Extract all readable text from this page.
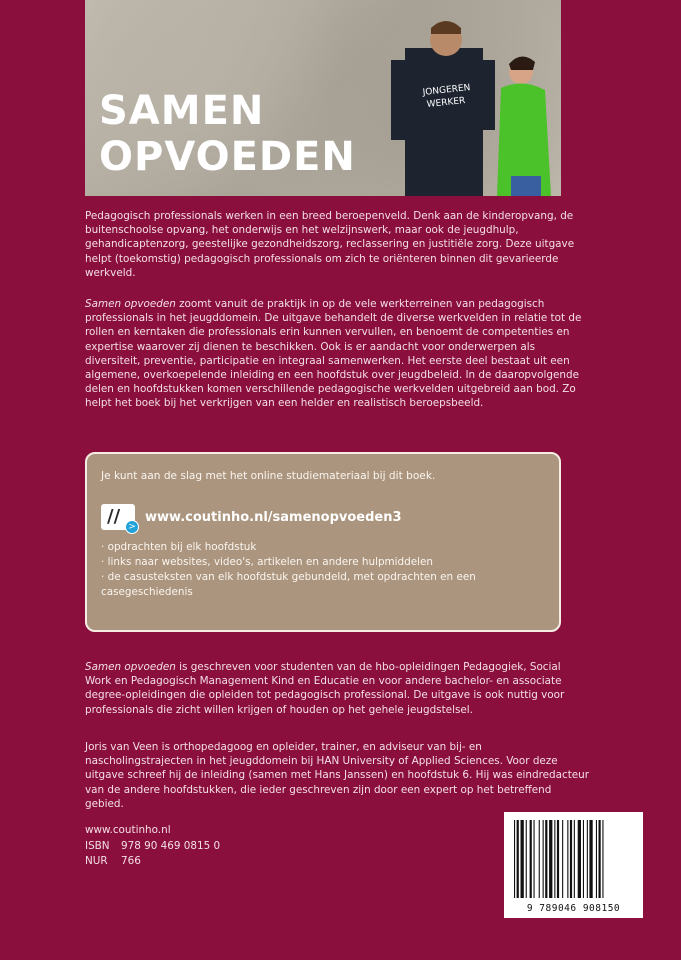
JONGEREN
WERKER
SAMEN
OPVOEDEN
Pedagogisch professionals werken in een breed beroepenveld. Denk aan de kinderopvang, de buitenschoolse opvang, het onderwijs en het welzijnswerk, maar ook de jeugdhulp, gehandicaptenzorg, geestelijke gezondheidszorg, reclassering en justitiële zorg. Deze uitgave helpt (toekomstig) pedagogisch professionals om zich te oriënteren binnen dit gevarieerde werkveld.
Samen opvoeden zoomt vanuit de praktijk in op de vele werkterreinen van pedagogisch professionals in het jeugddomein. De uitgave behandelt de diverse werkvelden in relatie tot de rollen en kerntaken die professionals erin kunnen vervullen, en benoemt de competenties en expertise waarover zij dienen te beschikken. Ook is er aandacht voor onderwerpen als diversiteit, preventie, participatie en integraal samenwerken. Het eerste deel bestaat uit een algemene, overkoepelende inleiding en een hoofdstuk over jeugdbeleid. In de daaropvolgende delen en hoofdstukken komen verschillende pedagogische werkvelden uitgebreid aan bod. Zo helpt het boek bij het verkrijgen van een helder en realistisch beroepsbeeld.

Je kunt aan de slag met het online studiemateriaal bij dit boek.

// >
www.coutinho.nl/samenopvoeden3
· opdrachten bij elk hoofdstuk
· links naar websites, video's, artikelen en andere hulpmiddelen
· de casusteksten van elk hoofdstuk gebundeld, met opdrachten en een casegeschiedenis
Samen opvoeden is geschreven voor studenten van de hbo-opleidingen Pedagogiek, Social Work en Pedagogisch Management Kind en Educatie en voor andere bachelor- en associate degree-opleidingen die opleiden tot pedagogisch professional. De uitgave is ook nuttig voor professionals die zicht willen krijgen of houden op het gehele jeugdstelsel.
Joris van Veen is orthopedagoog en opleider, trainer, en adviseur van bij- en nascholingstrajecten in het jeugddomein bij HAN University of Applied Sciences. Voor deze uitgave schreef hij de inleiding (samen met Hans Janssen) en hoofdstuk 6. Hij was eindredacteur van de andere hoofdstukken, die ieder geschreven zijn door een expert op het betreffend gebied.
www.coutinho.nl
ISBN 978 90 469 0815 0
NUR 766
9 789046 908150
